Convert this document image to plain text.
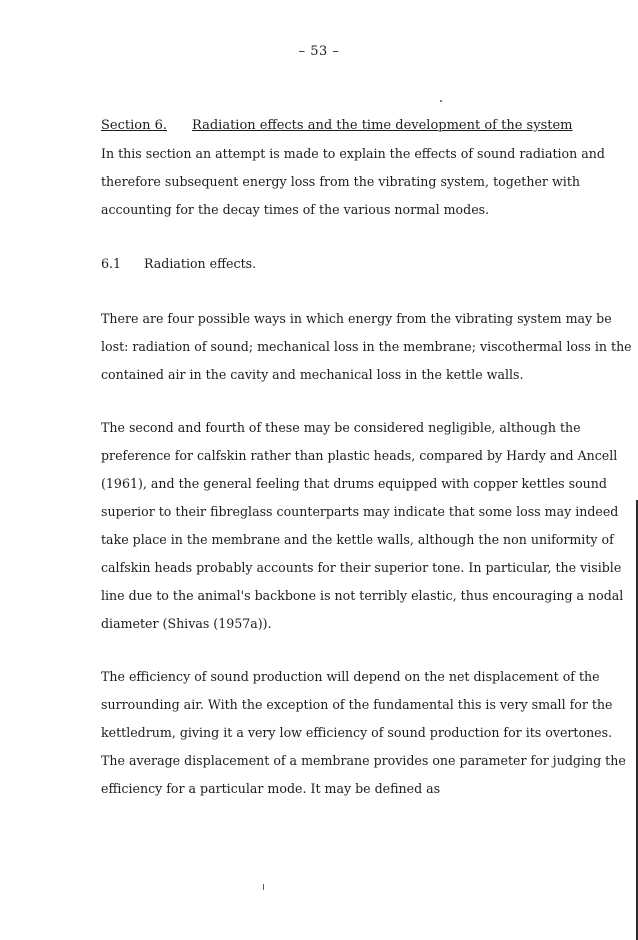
– 53 –
Section 6. Radiation effects and the time development of the system
In this section an attempt is made to explain the effects of sound radiation and
therefore subsequent energy loss from the vibrating system, together with
accounting for the decay times of the various normal modes.
6.1 Radiation effects.
There are four possible ways in which energy from the vibrating system may be
lost: radiation of sound; mechanical loss in the membrane; viscothermal loss in the
contained air in the cavity and mechanical loss in the kettle walls.
The second and fourth of these may be considered negligible, although the
preference for calfskin rather than plastic heads, compared by Hardy and Ancell
(1961), and the general feeling that drums equipped with copper kettles sound
superior to their fibreglass counterparts may indicate that some loss may indeed
take place in the membrane and the kettle walls, although the non uniformity of
calfskin heads probably accounts for their superior tone. In particular, the visible
line due to the animal's backbone is not terribly elastic, thus encouraging a nodal
diameter (Shivas (1957a)).
The efficiency of sound production will depend on the net displacement of the
surrounding air. With the exception of the fundamental this is very small for the
kettledrum, giving it a very low efficiency of sound production for its overtones.
The average displacement of a membrane provides one parameter for judging the
efficiency for a particular mode. It may be defined as
